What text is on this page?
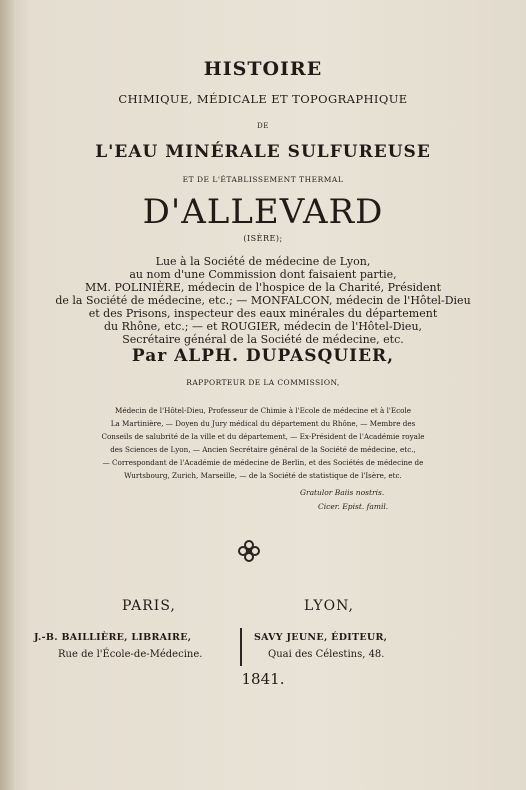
HISTOIRE
CHIMIQUE, MÉDICALE ET TOPOGRAPHIQUE
DE
L'EAU MINÉRALE SULFUREUSE
ET DE L'ÉTABLISSEMENT THERMAL
D'ALLEVARD
(ISÈRE);
Lue à la Société de médecine de Lyon,
au nom d'une Commission dont faisaient partie,
MM. POLINIÈRE, médecin de l'hospice de la Charité, Président
de la Société de médecine, etc.; — MONFALCON, médecin de l'Hôtel-Dieu
et des Prisons, inspecteur des eaux minérales du département
du Rhône, etc.; — et ROUGIER, médecin de l'Hôtel-Dieu,
Secrétaire général de la Société de médecine, etc.
Par ALPH. DUPASQUIER,
RAPPORTEUR DE LA COMMISSION,
Médecin de l'Hôtel-Dieu, Professeur de Chimie à l'Ecole de médecine et à l'Ecole
La Martinière, — Doyen du Jury médical du département du Rhône, — Membre des
Conseils de salubrité de la ville et du département, — Ex-Président de l'Académie royale
des Sciences de Lyon, — Ancien Secrétaire général de la Société de médecine, etc.,
— Correspondant de l'Académie de médecine de Berlin, et des Sociétés de médecine de
Wurtsbourg, Zurich, Marseille, — de la Société de statistique de l'Isère, etc.
Gratulor Baiis nostris.
Cicer. Epist. famil.
PARIS,	LYON,
J.-B. BAILLIÈRE, LIBRAIRE,
Rue de l'École-de-Médecine.
SAVY JEUNE, ÉDITEUR,
Quai des Célestins, 48.
1841.
